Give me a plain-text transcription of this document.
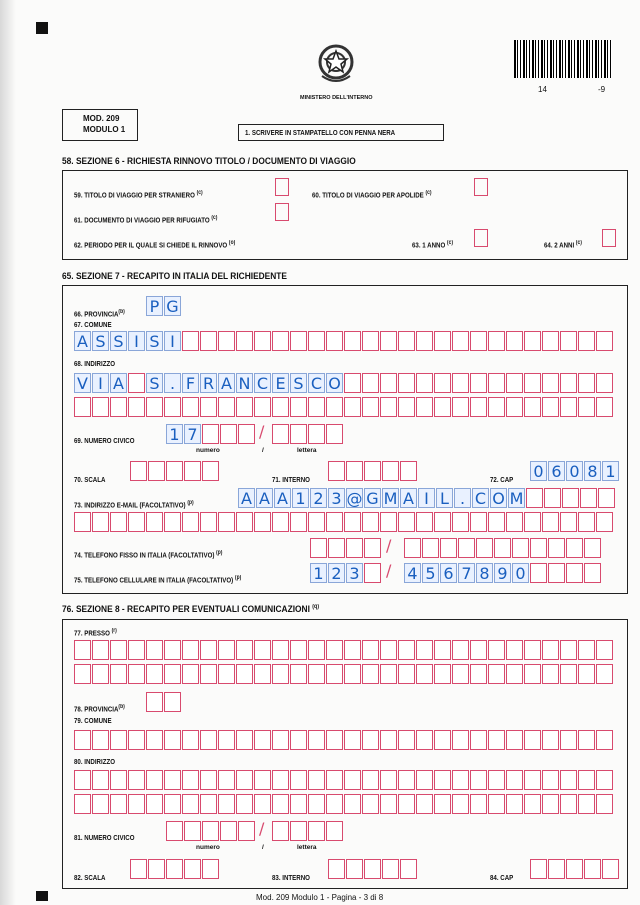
MINISTERO DELL'INTERNO
14	-9
MOD. 209
MODULO 1	1. SCRIVERE IN STAMPATELLO CON PENNA NERA
58. SEZIONE 6 - RICHIESTA RINNOVO TITOLO / DOCUMENTO DI VIAGGIO
59. TITOLO DI VIAGGIO PER STRANIERO $^{(c)}$	60. TITOLO DI VIAGGIO PER APOLIDE $^{(c)}$
61. DOCUMENTO DI VIAGGIO PER RIFUGIATO $^{(c)}$
62. PERIODO PER IL QUALE SI CHIEDE IL RINNOVO $^{(o)}$	63. 1 ANNO $^{(c)}$	64. 2 ANNI $^{(c)}$
65. SEZIONE 7 - RECAPITO IN ITALIA DEL RICHIEDENTE
66. PROVINCIA$^{(b)}$ P G
67. COMUNE
A S S I S I
68. INDIRIZZO
V I A S . F R A N C E S C O
69. NUMERO CIVICO 1 7	/
numero	/	lettera
70. SCALA	71. INTERNO	72. CAP 0 6 0 8 1
73. INDIRIZZO E-MAIL (FACOLTATIVO) $^{(p)}$	A A A 1 2 3 @ G M A I L . C O M
74. TELEFONO FISSO IN ITALIA (FACOLTATIVO) $^{(p)}$	/
75. TELEFONO CELLULARE IN ITALIA (FACOLTATIVO) $^{(p)}$	1 2 3 / 4 5 6 7 8 9 0
76. SEZIONE 8 - RECAPITO PER EVENTUALI COMUNICAZIONI $^{(q)}$
77. PRESSO $^{(r)}$
78. PROVINCIA$^{(b)}$
79. COMUNE
80. INDIRIZZO
81. NUMERO CIVICO	/
numero	/	lettera
82. SCALA	83. INTERNO	84. CAP
Mod. 209 Modulo 1 - Pagina - 3 di 8
